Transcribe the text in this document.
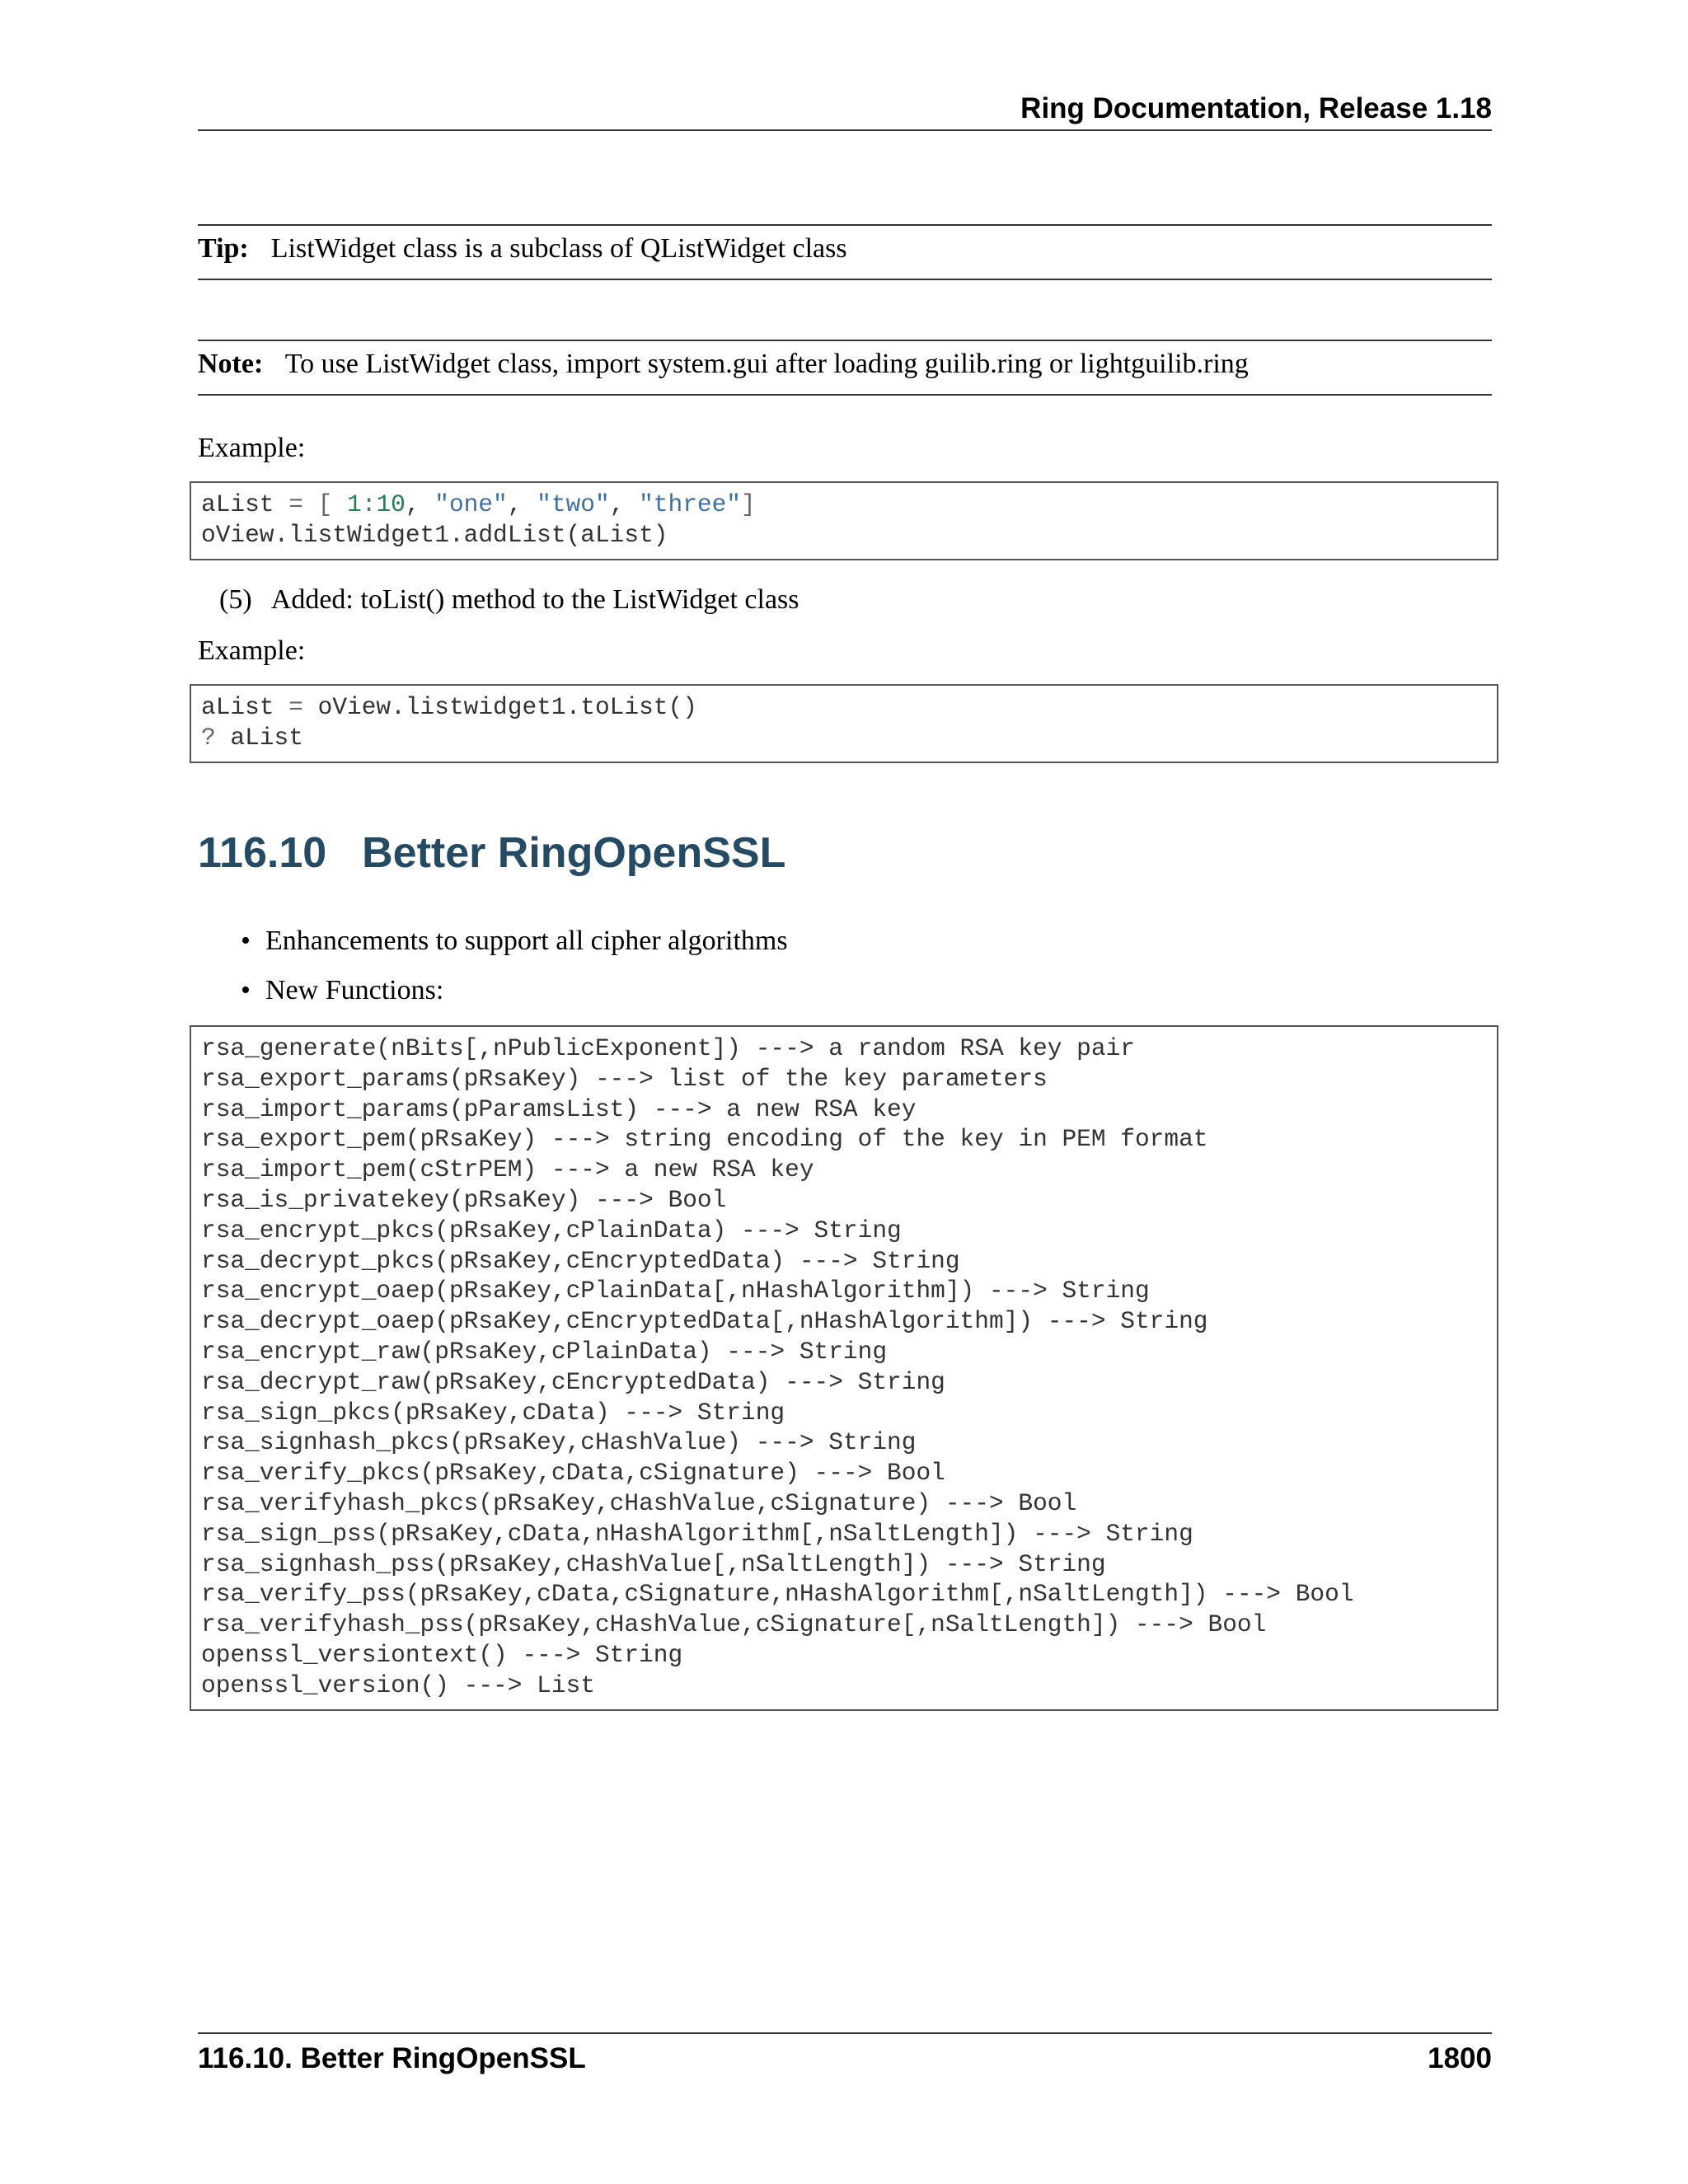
Ring Documentation, Release 1.18
Tip: ListWidget class is a subclass of QListWidget class
Note: To use ListWidget class, import system.gui after loading guilib.ring or lightguilib.ring
Example:
aList = [ 1:10, "one", "two", "three"]
oView.listWidget1.addList(aList)
(5) Added: toList() method to the ListWidget class
Example:
aList = oView.listwidget1.toList()
? aList
116.10 Better RingOpenSSL
• Enhancements to support all cipher algorithms
• New Functions:
rsa_generate(nBits[,nPublicExponent]) ---> a random RSA key pair
rsa_export_params(pRsaKey) ---> list of the key parameters
rsa_import_params(pParamsList) ---> a new RSA key
rsa_export_pem(pRsaKey) ---> string encoding of the key in PEM format
rsa_import_pem(cStrPEM) ---> a new RSA key
rsa_is_privatekey(pRsaKey) ---> Bool
rsa_encrypt_pkcs(pRsaKey,cPlainData) ---> String
rsa_decrypt_pkcs(pRsaKey,cEncryptedData) ---> String
rsa_encrypt_oaep(pRsaKey,cPlainData[,nHashAlgorithm]) ---> String
rsa_decrypt_oaep(pRsaKey,cEncryptedData[,nHashAlgorithm]) ---> String
rsa_encrypt_raw(pRsaKey,cPlainData) ---> String
rsa_decrypt_raw(pRsaKey,cEncryptedData) ---> String
rsa_sign_pkcs(pRsaKey,cData) ---> String
rsa_signhash_pkcs(pRsaKey,cHashValue) ---> String
rsa_verify_pkcs(pRsaKey,cData,cSignature) ---> Bool
rsa_verifyhash_pkcs(pRsaKey,cHashValue,cSignature) ---> Bool
rsa_sign_pss(pRsaKey,cData,nHashAlgorithm[,nSaltLength]) ---> String
rsa_signhash_pss(pRsaKey,cHashValue[,nSaltLength]) ---> String
rsa_verify_pss(pRsaKey,cData,cSignature,nHashAlgorithm[,nSaltLength]) ---> Bool
rsa_verifyhash_pss(pRsaKey,cHashValue,cSignature[,nSaltLength]) ---> Bool
openssl_versiontext() ---> String
openssl_version() ---> List
116.10. Better RingOpenSSL	1800
